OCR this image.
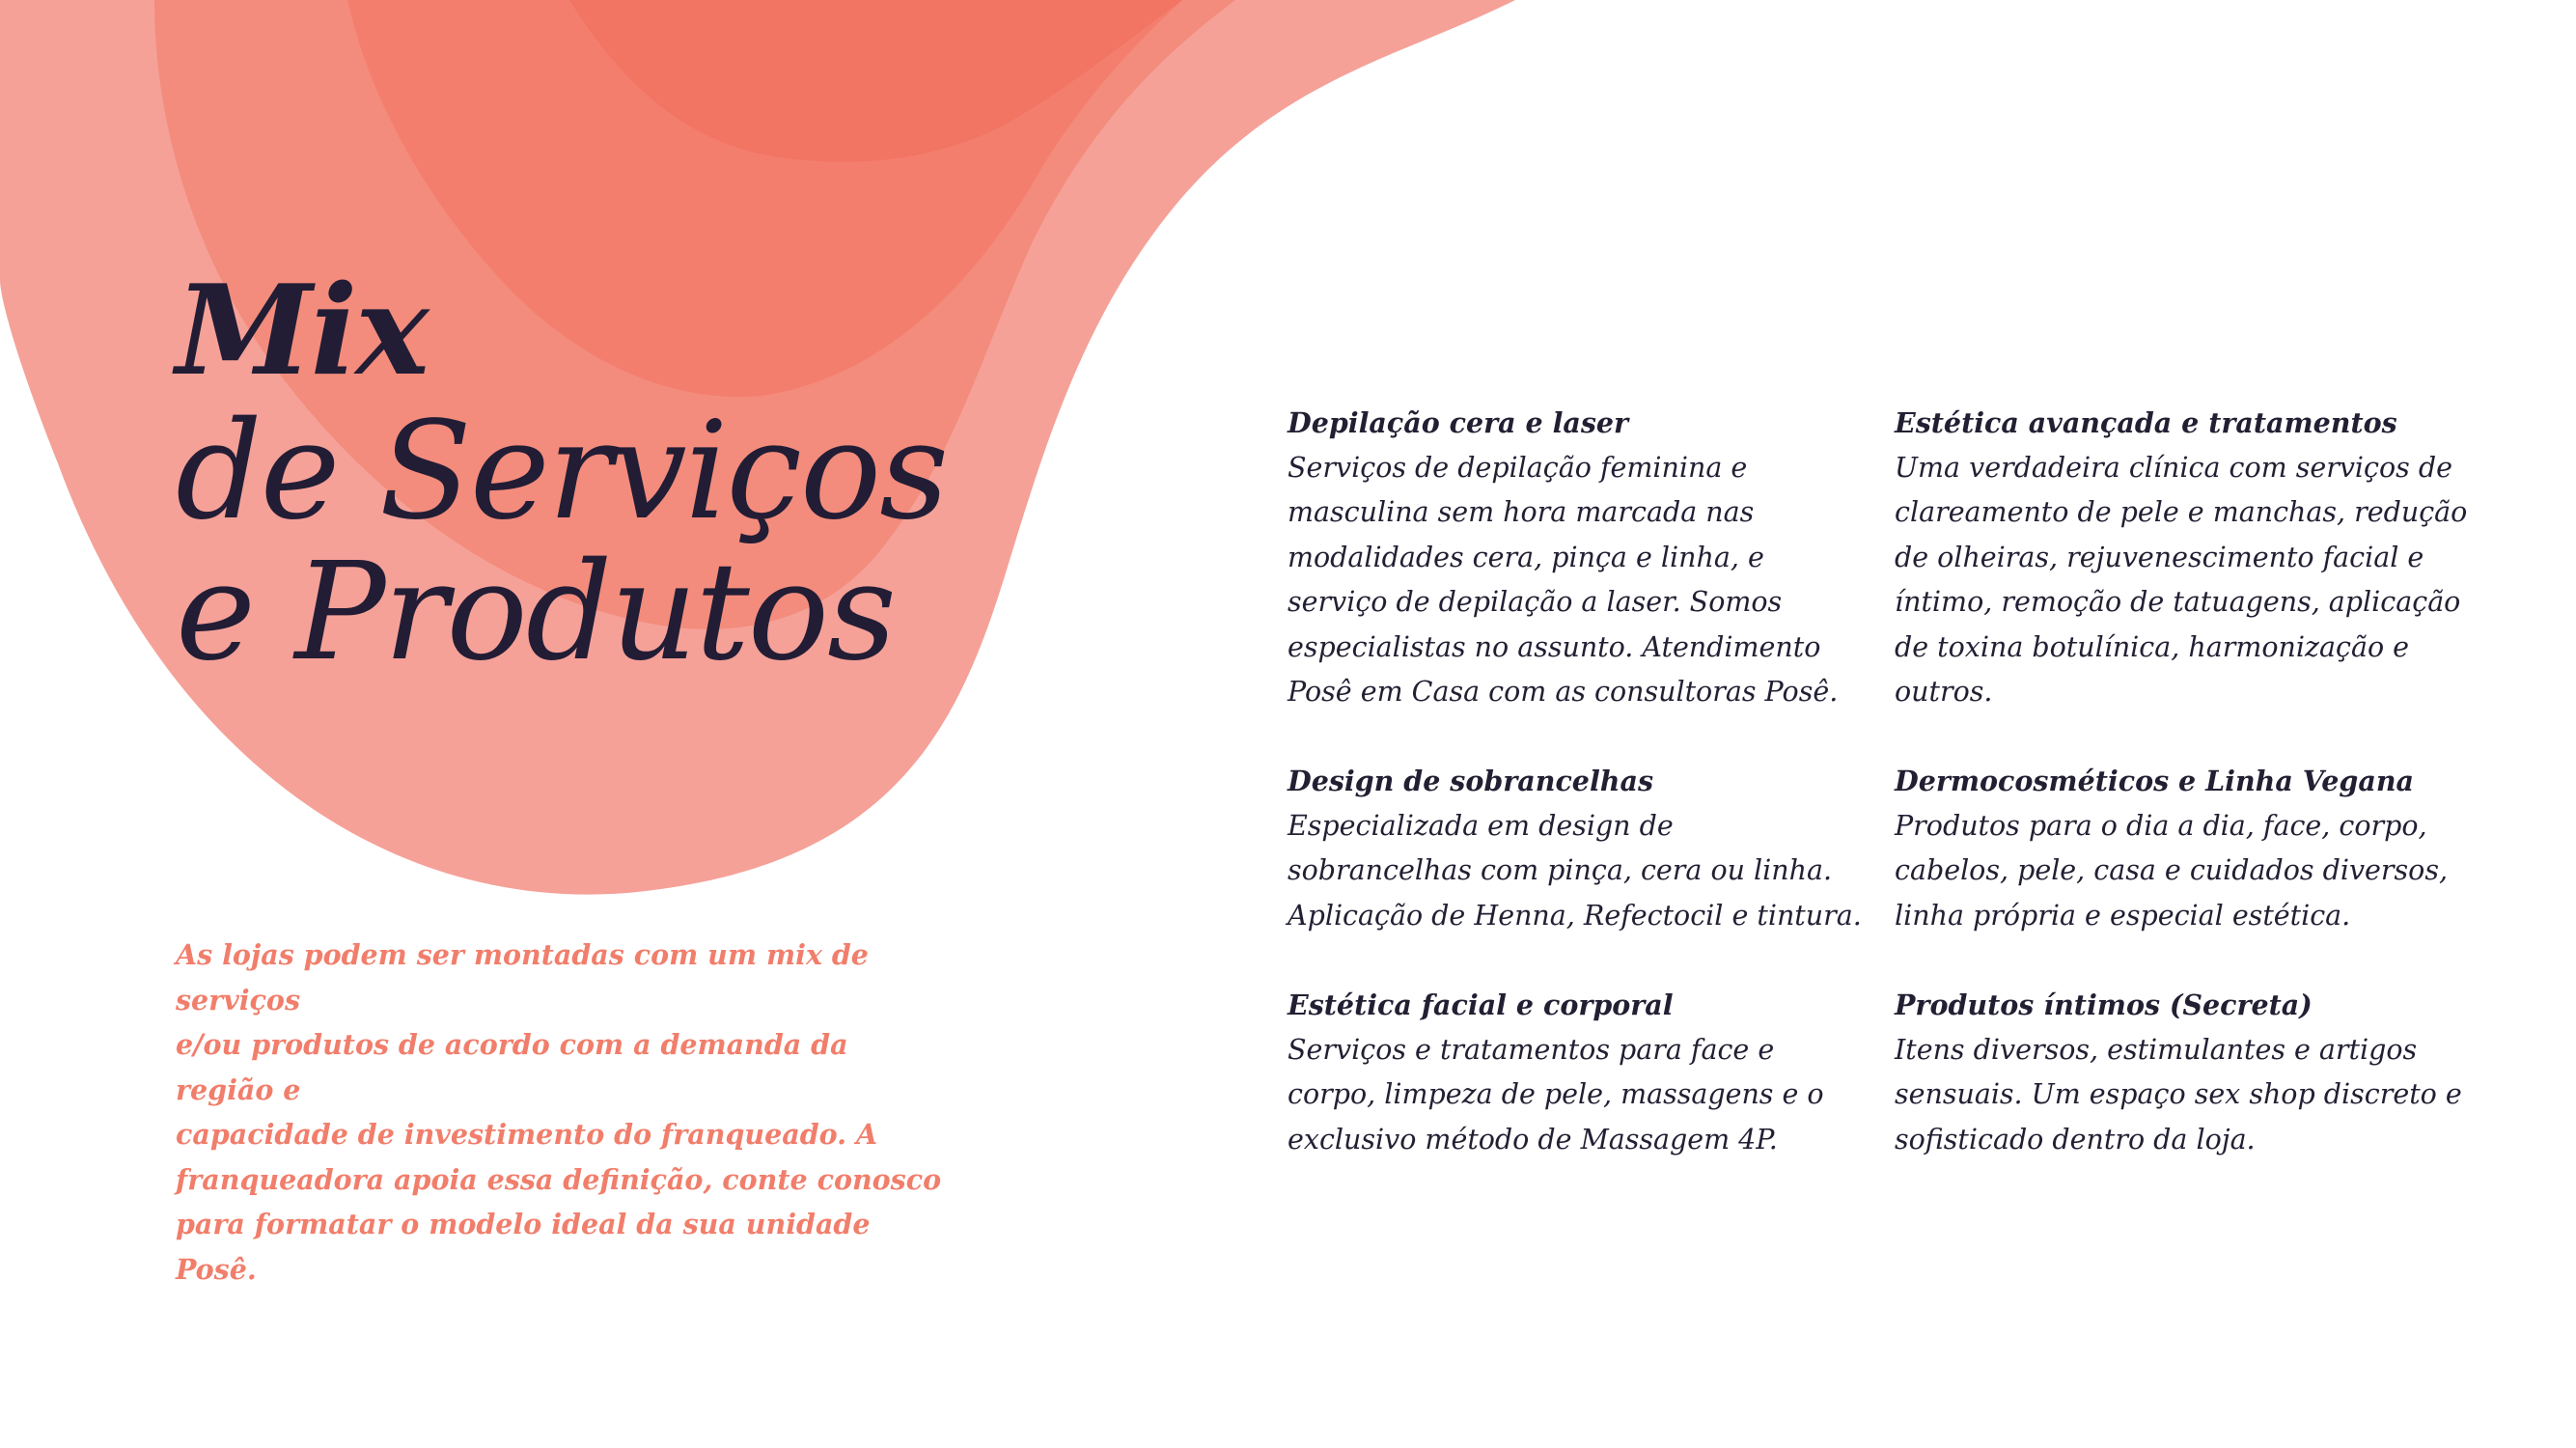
Mix
de Serviços
e Produtos

As lojas podem ser montadas com um mix de serviços
e/ou produtos de acordo com a demanda da região e
capacidade de investimento do franqueado. A
franqueadora apoia essa definição, conte conosco
para formatar o modelo ideal da sua unidade Posê.

Depilação cera e laser
Serviços de depilação feminina e
masculina sem hora marcada nas
modalidades cera, pinça e linha, e
serviço de depilação a laser. Somos
especialistas no assunto. Atendimento
Posê em Casa com as consultoras Posê.
Estética avançada e tratamentos
Uma verdadeira clínica com serviços de
clareamento de pele e manchas, redução
de olheiras, rejuvenescimento facial e
íntimo, remoção de tatuagens, aplicação
de toxina botulínica, harmonização e
outros.
Design de sobrancelhas
Especializada em design de
sobrancelhas com pinça, cera ou linha.
Aplicação de Henna, Refectocil e tintura.
Dermocosméticos e Linha Vegana
Produtos para o dia a dia, face, corpo,
cabelos, pele, casa e cuidados diversos,
linha própria e especial estética.
Estética facial e corporal
Serviços e tratamentos para face e
corpo, limpeza de pele, massagens e o
exclusivo método de Massagem 4P.
Produtos íntimos (Secreta)
Itens diversos, estimulantes e artigos
sensuais. Um espaço sex shop discreto e
sofisticado dentro da loja.
